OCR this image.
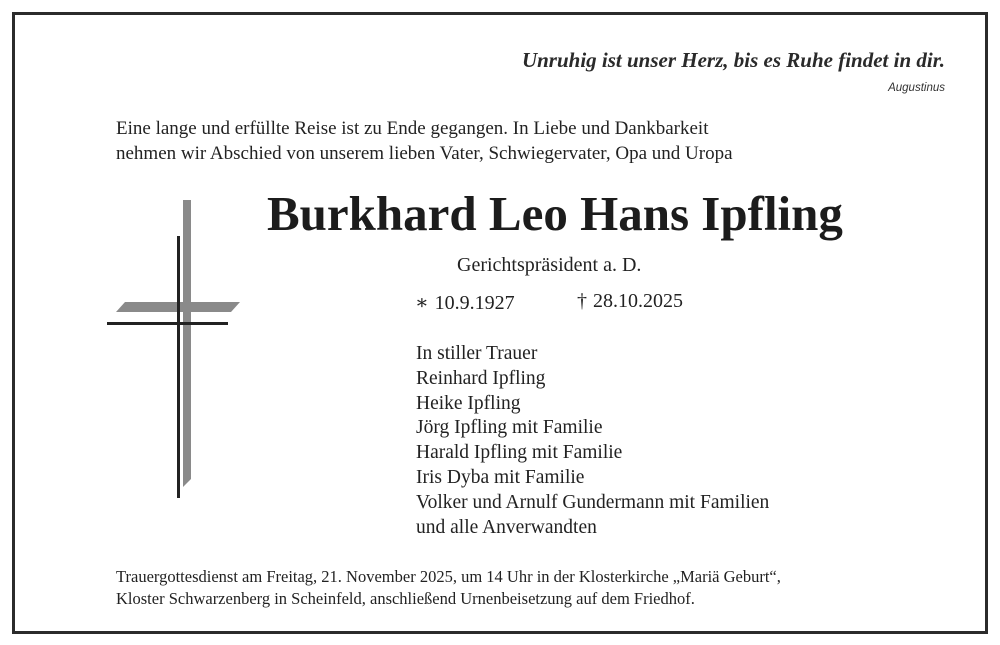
Unruhig ist unser Herz, bis es Ruhe findet in dir.
Augustinus
Eine lange und erfüllte Reise ist zu Ende gegangen. In Liebe und Dankbarkeit
nehmen wir Abschied von unserem lieben Vater, Schwiegervater, Opa und Uropa
Burkhard Leo Hans Ipfling
Gerichtspräsident a. D.
∗ 10.9.1927	† 28.10.2025
In stiller Trauer
Reinhard Ipfling
Heike Ipfling
Jörg Ipfling mit Familie
Harald Ipfling mit Familie
Iris Dyba mit Familie
Volker und Arnulf Gundermann mit Familien
und alle Anverwandten
Trauergottesdienst am Freitag, 21. November 2025, um 14 Uhr in der Klosterkirche „Mariä Geburt“,
Kloster Schwarzenberg in Scheinfeld, anschließend Urnenbeisetzung auf dem Friedhof.
